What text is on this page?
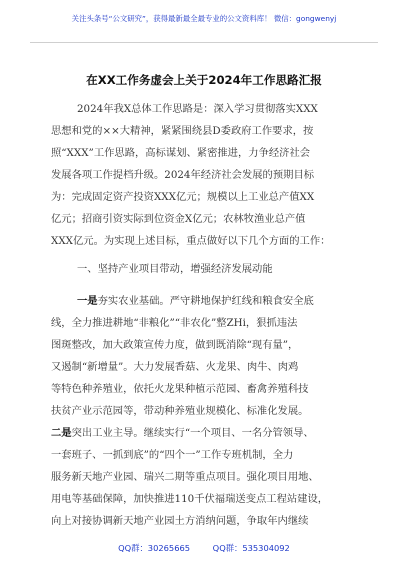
关注头条号“公文研究”，获得最新最全最专业的公文资料库！ 微信：gongwenyj
在XX工作务虚会上关于2024年工作思路汇报
2024年我X总体工作思路是：深入学习贯彻落实XXX
思想和党的××大精神，紧紧围绕县D委政府工作要求，按
照“XXX”工作思路，高标谋划、紧密推进，力争经济社会
发展各项工作提档升级。2024年经济社会发展的预期目标
为：完成固定资产投资XXX亿元；规模以上工业总产值XX
亿元；招商引资实际到位资金X亿元；农林牧渔业总产值
XXX亿元。为实现上述目标，重点做好以下几个方面的工作：
一、坚持产业项目带动，增强经济发展动能
一是夯实农业基础。严守耕地保护红线和粮食安全底
线，全力推进耕地“非粮化”“非农化”整ZHi，狠抓违法
图斑整改，加大政策宣传力度，做到既消除“现有量”，
又遏制“新增量”。大力发展香菇、火龙果、肉牛、肉鸡
等特色种养殖业，依托火龙果种植示范园、畜禽养殖科技
扶贫产业示范园等，带动种养殖业规模化、标准化发展。
二是突出工业主导。继续实行“一个项目、一名分管领导、
一套班子、一抓到底”的“四个一”工作专班机制，全力
服务新天地产业园、瑞兴二期等重点项目。强化项目用地、
用电等基础保障，加快推进110千伏福瑞送变点工程站建设，
向上对接协调新天地产业园土方消纳问题，争取年内继续
QQ群：30265665	QQ群：535304092
